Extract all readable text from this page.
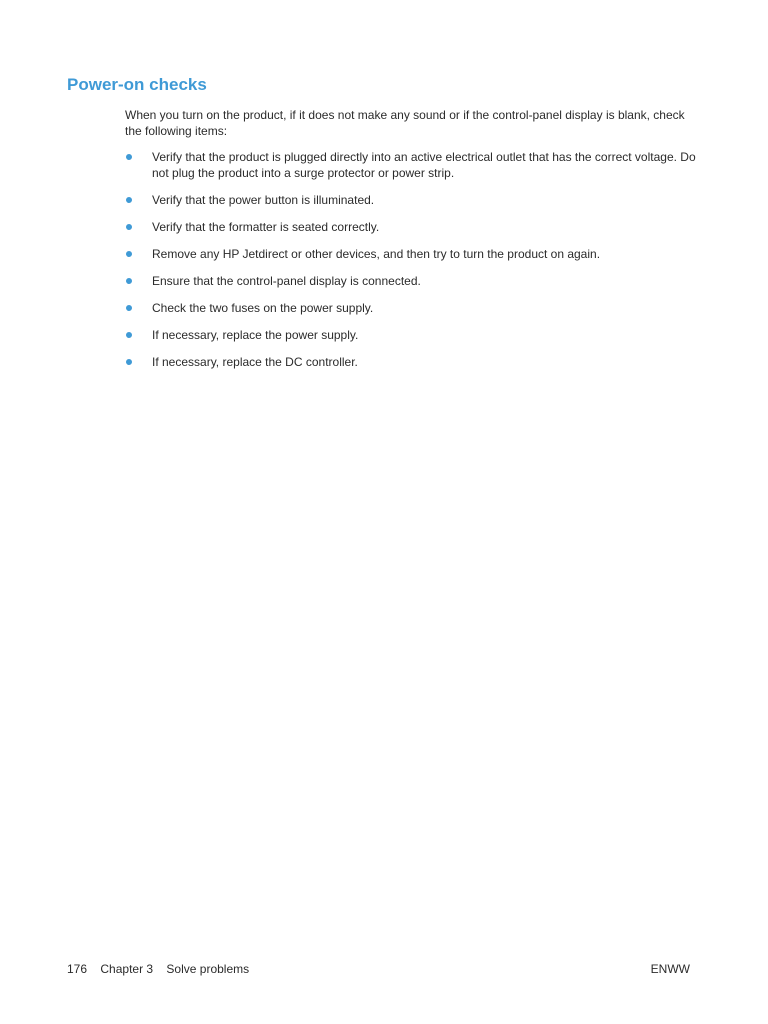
Power-on checks

When you turn on the product, if it does not make any sound or if the control-panel display is blank, check the following items:

Verify that the product is plugged directly into an active electrical outlet that has the correct voltage. Do not plug the product into a surge protector or power strip.
Verify that the power button is illuminated.
Verify that the formatter is seated correctly.
Remove any HP Jetdirect or other devices, and then try to turn the product on again.
Ensure that the control-panel display is connected.
Check the two fuses on the power supply.
If necessary, replace the power supply.
If necessary, replace the DC controller.
176 Chapter 3 Solve problems	ENWW
